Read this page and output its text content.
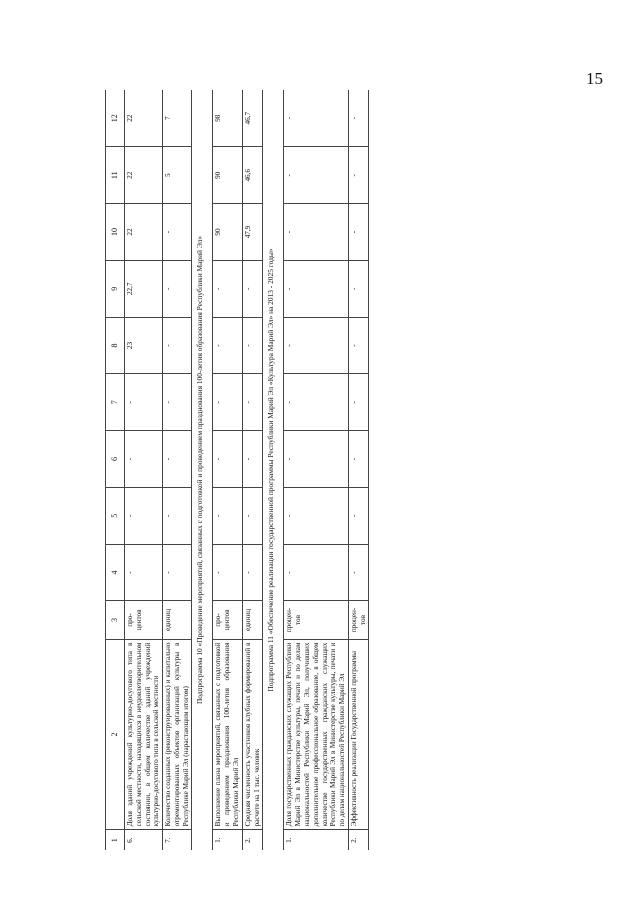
15
1	2	3	4	5	6	7	8	9	10	11	12
6.	Доля зданий учреждений культурно-досугового типа в сельской местности, находящихся в неудовлетворительном состоянии, в общем количестве зданий учреждений культурно-досугового типа в сельской местности	про-центов	-	-	-	-	23	22,7	22	22	22
7.	Количество созданных (реконструированных) и капитально отремонтированных объектов организаций культуры в Республике Марий Эл (нарастающим итогом)	единиц	-	-	-	-	-	-	-	5	7
Подпрограмма 10 «Проведение мероприятий, связанных с подготовкой и проведением празднования 100-летия образования Республики Марий Эл»											
1.	Выполнение плана мероприятий, связанных с подготовкой и проведением празднования 100-летия образования Республики Марий Эл	про-центов	-	-	-	-	-	-	90	90	98
2.	Средняя численность участников клубных формирований в расчете на 1 тыс. человек	единиц	-	-	-	-	-	-	47,9	46,6	46,7
Подпрограмма 11 «Обеспечение реализации государственной программы Республики Марий Эл «Культура Марий Эл» на 2013 - 2025 годы»											
1.	Доля государственных гражданских служащих Республики Марий Эл в Министерстве культуры, печати и по делам национальностей Республики Марий Эл, получивших дополнительное профессиональное образование, в общем количестве государственных гражданских служащих Республики Марий Эл в Министерстве культуры, печати и по делам национальностей Республики Марий Эл	процен-тов	-	-	-	-	-	-	-	-	-
2.	Эффективность реализации Государственной программы	процен-тов	-	-	-	-	-	-	-	-	-
